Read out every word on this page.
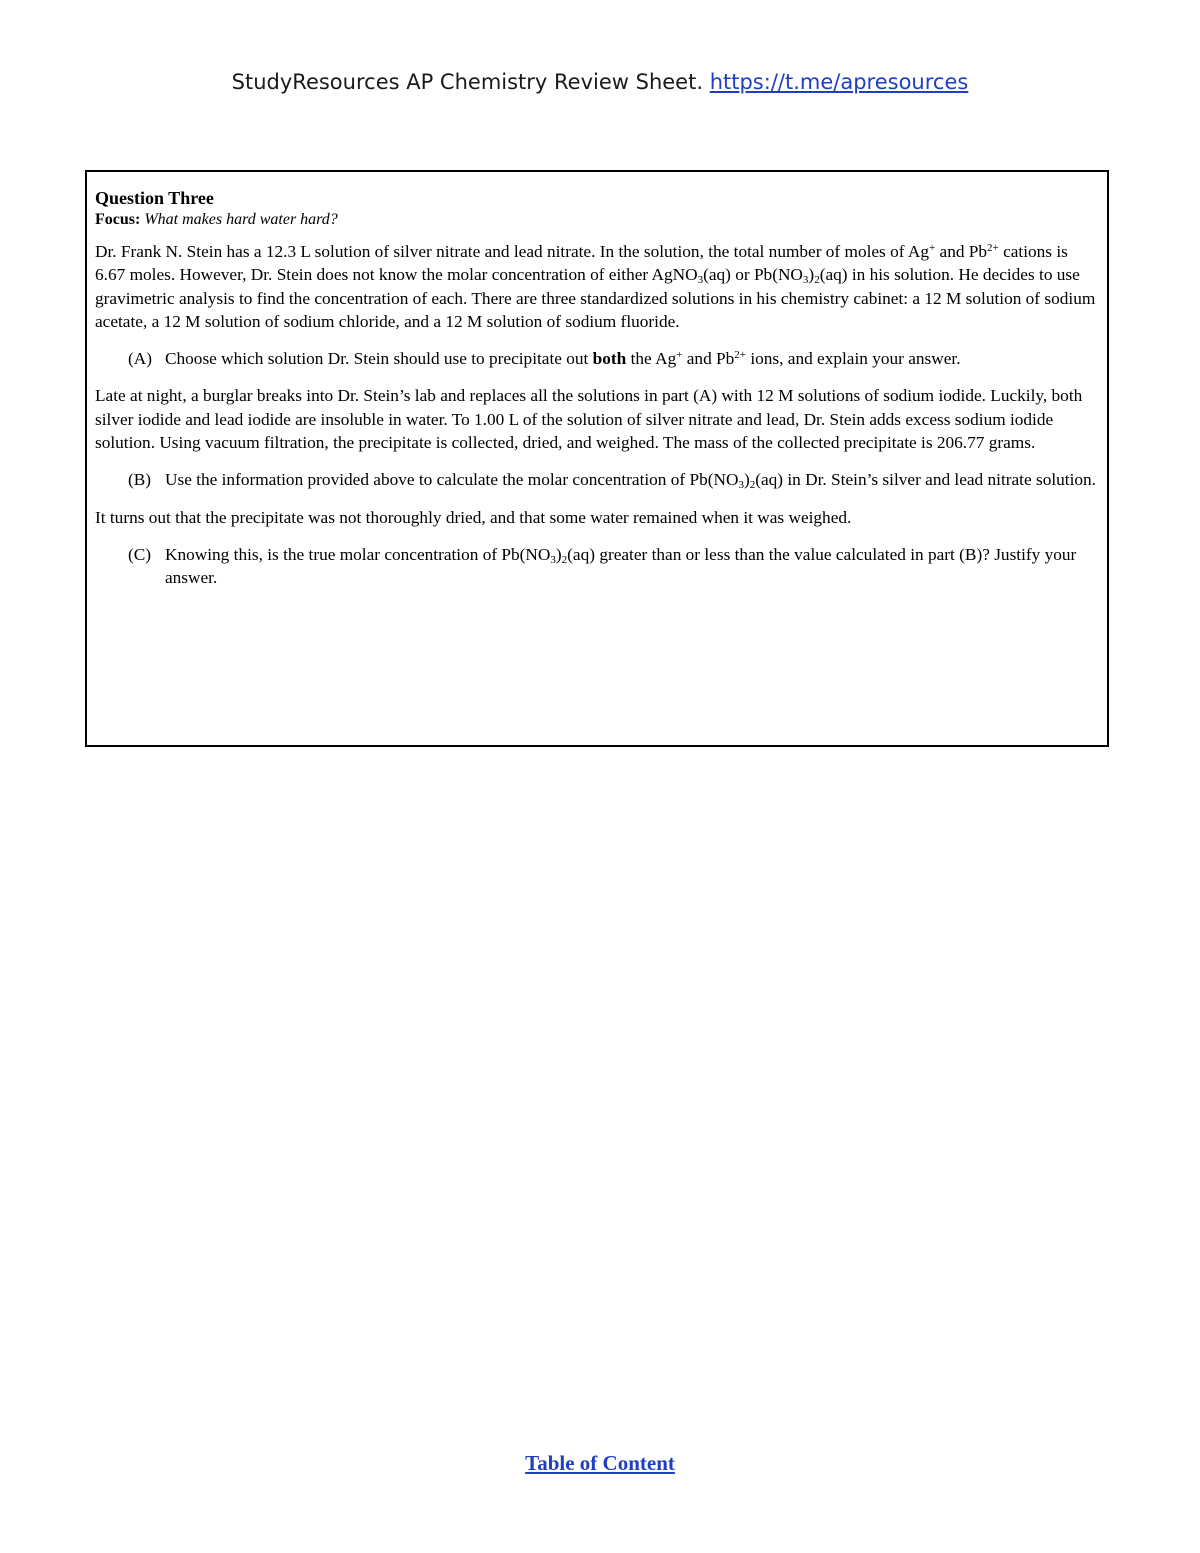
StudyResources AP Chemistry Review Sheet. https://t.me/apresources
Question Three
Focus: What makes hard water hard?

Dr. Frank N. Stein has a 12.3 L solution of silver nitrate and lead nitrate. In the solution, the total number of moles of Ag+ and $Pb^{2+}$ cations is 6.67 moles. However, Dr. Stein does not know the molar concentration of either AgNO$_3$(aq) or $Pb(NO_3)_2(aq)$ in his solution. He decides to use gravimetric analysis to find the concentration of each. There are three standardized solutions in his chemistry cabinet: a 12 M solution of sodium acetate, a 12 M solution of sodium chloride, and a 12 M solution of sodium fluoride.

(A) Choose which solution Dr. Stein should use to precipitate out both the Ag+ and $Pb^{2+}$ ions, and explain your answer.

Late at night, a burglar breaks into Dr. Stein’s lab and replaces all the solutions in part (A) with 12 M solutions of sodium iodide. Luckily, both silver iodide and lead iodide are insoluble in water. To 1.00 L of the solution of silver nitrate and lead, Dr. Stein adds excess sodium iodide solution. Using vacuum filtration, the precipitate is collected, dried, and weighed. The mass of the collected precipitate is 206.77 grams.

(B) Use the information provided above to calculate the molar concentration of $Pb(NO_3)_2(aq)$ in Dr. Stein’s silver and lead nitrate solution.

It turns out that the precipitate was not thoroughly dried, and that some water remained when it was weighed.

(C) Knowing this, is the true molar concentration of $Pb(NO_3)_2(aq)$ greater than or less than the value calculated in part (B)? Justify your answer.
Table of Content
